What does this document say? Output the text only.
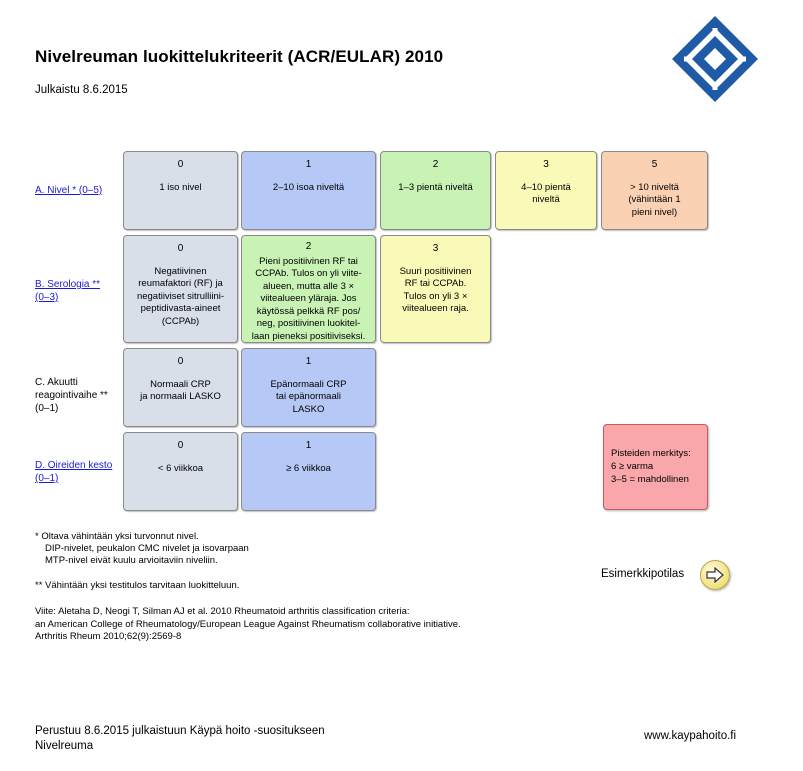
Nivelreuman luokittelukriteerit (ACR/EULAR) 2010
Julkaistu 8.6.2015
A. Nivel * (0–5)
B. Serologia **
(0–3)
C. Akuutti
reagointivaihe **
(0–1)
D. Oireiden kesto
(0–1)
0
1 iso nivel
1
2–10 isoa niveltä
2
1–3 pientä niveltä
3
4–10 pientä
niveltä
5
> 10 niveltä
(vähintään 1
pieni nivel)
0
Negatiivinen
reumafaktori (RF) ja
negatiiviset sitrulliini-
peptidivasta-aineet
(CCPAb)
2
Pieni positiivinen RF tai
CCPAb. Tulos on yli viite-
alueen, mutta alle 3 ×
viitealueen ylärajа. Jos
käytössä pelkkä RF pos/
neg, positiivinen luokitel-
laan pieneksi positiiviseksi.
3
Suuri positiivinen
RF tai CCPAb.
Tulos on yli 3 ×
viitealueen raja.
0
Normaali CRP
ja normaali LASKO
1
Epänormaali CRP
tai epänormaali
LASKO
0
< 6 viikkoa
1
≥ 6 viikkoa
Pisteiden merkitys:
6 ≥ varma
3–5 = mahdollinen
* Oltava vähintään yksi turvonnut nivel.
DIP-nivelet, peukalon CMC nivelet ja isovarpaan
MTP-nivel eivät kuulu arvioitaviin niveliin.
** Vähintään yksi testitulos tarvitaan luokitteluun.
Viite: Aletaha D, Neogi T, Silman AJ et al. 2010 Rheumatoid arthritis classification criteria:
an American College of Rheumatology/European League Against Rheumatism collaborative initiative.
Arthritis Rheum 2010;62(9):2569-8
Esimerkkipotilas
Perustuu 8.6.2015 julkaistuun Käypä hoito -suositukseen
Nivelreuma
www.kaypahoito.fi
